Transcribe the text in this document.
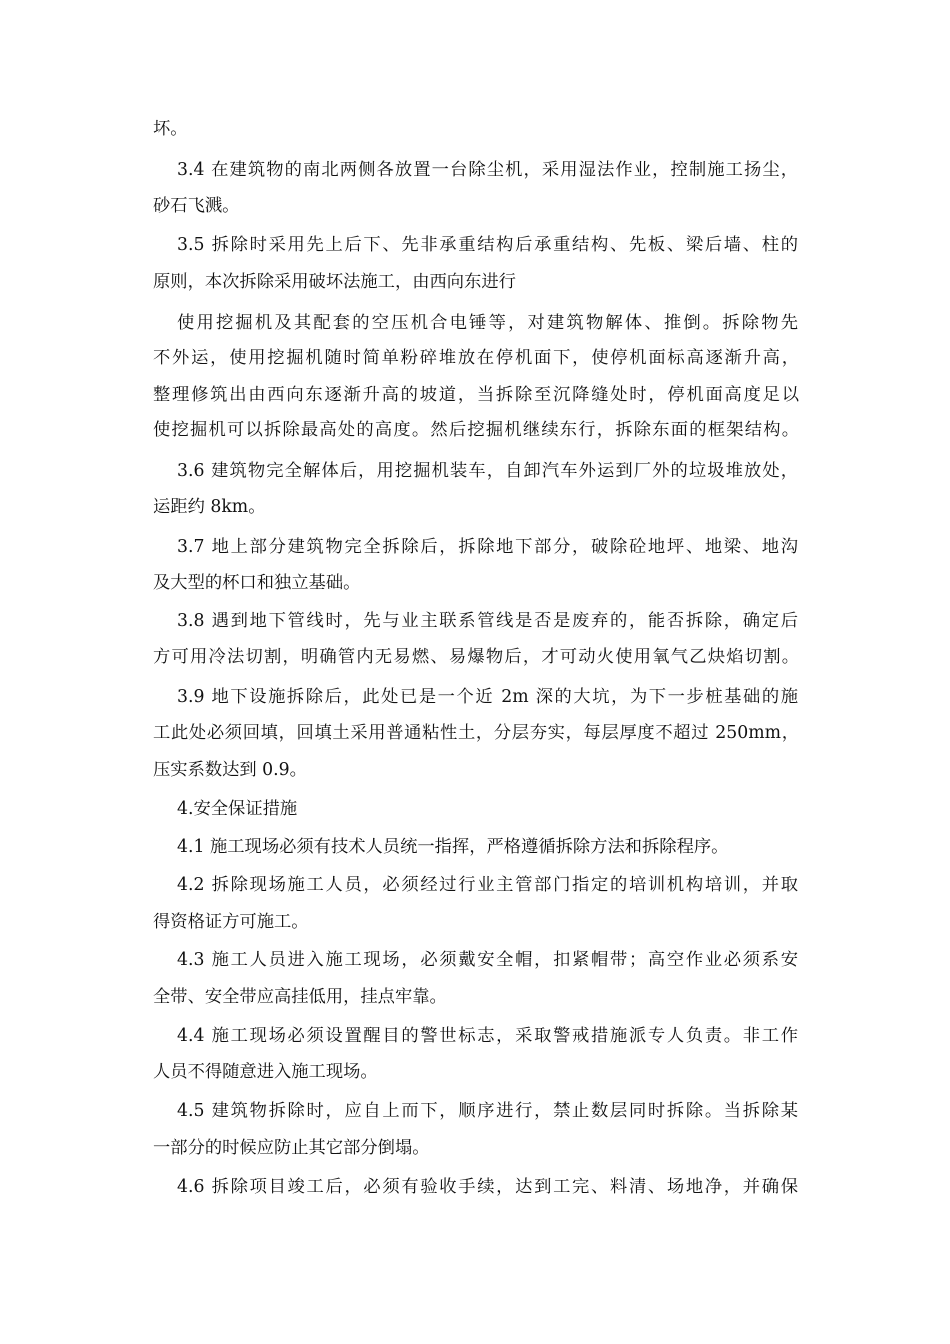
坏。
3.4 在建筑物的南北两侧各放置一台除尘机，采用湿法作业，控制施工扬尘，
砂石飞溅。
3.5 拆除时采用先上后下、先非承重结构后承重结构、先板、梁后墙、柱的
原则，本次拆除采用破坏法施工，由西向东进行
使用挖掘机及其配套的空压机合电锤等，对建筑物解体、推倒。拆除物先
不外运，使用挖掘机随时简单粉碎堆放在停机面下，使停机面标高逐渐升高，
整理修筑出由西向东逐渐升高的坡道，当拆除至沉降缝处时，停机面高度足以
使挖掘机可以拆除最高处的高度。然后挖掘机继续东行，拆除东面的框架结构。
3.6 建筑物完全解体后，用挖掘机装车，自卸汽车外运到厂外的垃圾堆放处，
运距约 8km。
3.7 地上部分建筑物完全拆除后，拆除地下部分，破除砼地坪、地梁、地沟
及大型的杯口和独立基础。
3.8 遇到地下管线时，先与业主联系管线是否是废弃的，能否拆除，确定后
方可用冷法切割，明确管内无易燃、易爆物后，才可动火使用氧气乙炔焰切割。
3.9 地下设施拆除后，此处已是一个近 2m 深的大坑，为下一步桩基础的施
工此处必须回填，回填土采用普通粘性土，分层夯实，每层厚度不超过 250mm，
压实系数达到 0.9。
4.安全保证措施
4.1 施工现场必须有技术人员统一指挥，严格遵循拆除方法和拆除程序。
4.2 拆除现场施工人员，必须经过行业主管部门指定的培训机构培训，并取
得资格证方可施工。
4.3 施工人员进入施工现场，必须戴安全帽，扣紧帽带；高空作业必须系安
全带、安全带应高挂低用，挂点牢靠。
4.4 施工现场必须设置醒目的警世标志，采取警戒措施派专人负责。非工作
人员不得随意进入施工现场。
4.5 建筑物拆除时，应自上而下，顺序进行，禁止数层同时拆除。当拆除某
一部分的时候应防止其它部分倒塌。
4.6 拆除项目竣工后，必须有验收手续，达到工完、料清、场地净，并确保
